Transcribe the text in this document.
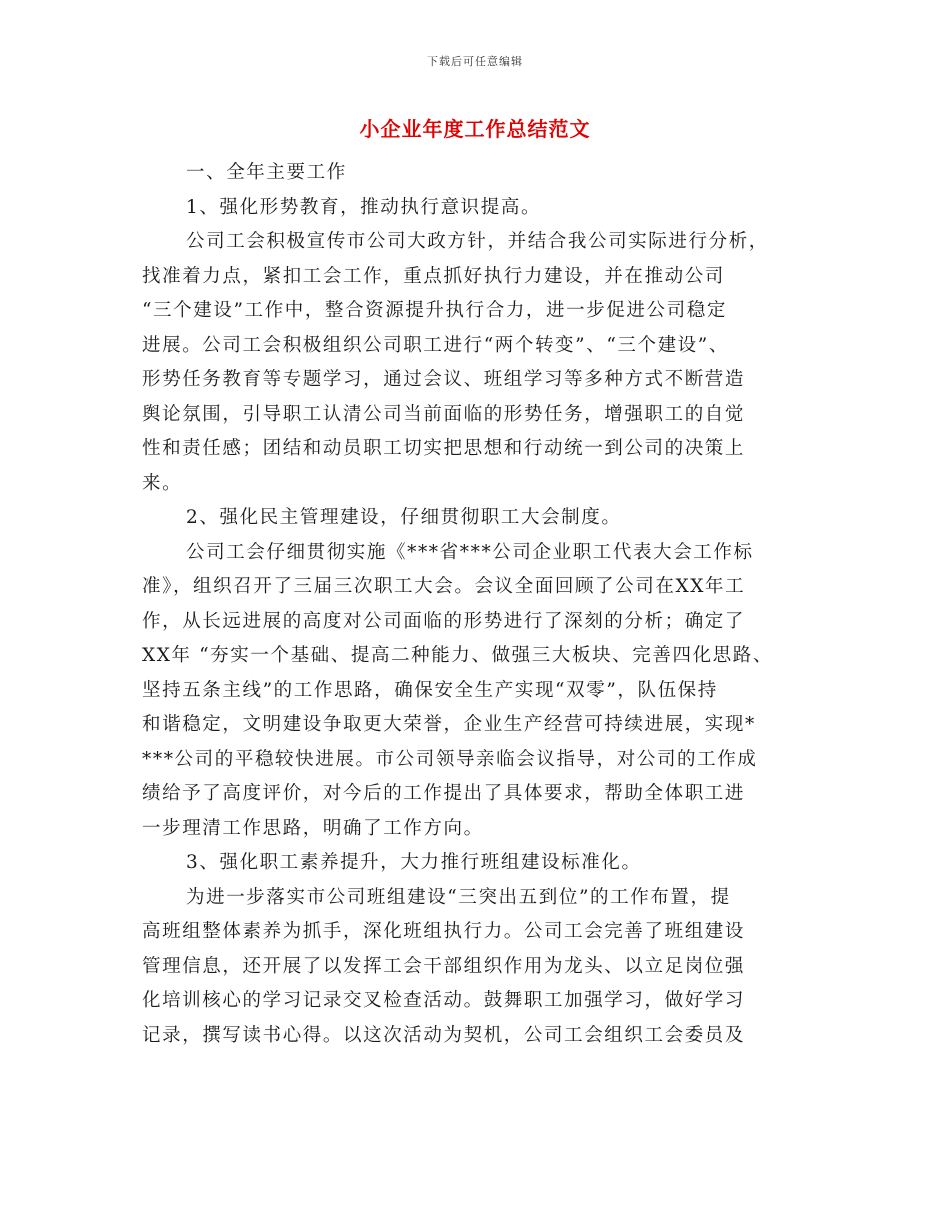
下载后可任意编辑
小企业年度工作总结范文
一、全年主要工作
1、强化形势教育，推动执行意识提高。
公司工会积极宣传市公司大政方针，并结合我公司实际进行分析，
找准着力点，紧扣工会工作，重点抓好执行力建设，并在推动公司
“三个建设”工作中，整合资源提升执行合力，进一步促进公司稳定
进展。公司工会积极组织公司职工进行“两个转变”、“三个建设”、
形势任务教育等专题学习，通过会议、班组学习等多种方式不断营造
舆论氛围，引导职工认清公司当前面临的形势任务，增强职工的自觉
性和责任感；团结和动员职工切实把思想和行动统一到公司的决策上
来。
2、强化民主管理建设，仔细贯彻职工大会制度。
公司工会仔细贯彻实施《***省***公司企业职工代表大会工作标
准》，组织召开了三届三次职工大会。会议全面回顾了公司在XX年工
作，从长远进展的高度对公司面临的形势进行了深刻的分析；确定了
XX年 “夯实一个基础、提高二种能力、做强三大板块、完善四化思路、
坚持五条主线”的工作思路，确保安全生产实现“双零”，队伍保持
和谐稳定，文明建设争取更大荣誉，企业生产经营可持续进展，实现*
***公司的平稳较快进展。市公司领导亲临会议指导，对公司的工作成
绩给予了高度评价，对今后的工作提出了具体要求，帮助全体职工进
一步理清工作思路，明确了工作方向。
3、强化职工素养提升，大力推行班组建设标准化。
为进一步落实市公司班组建设“三突出五到位”的工作布置，提
高班组整体素养为抓手，深化班组执行力。公司工会完善了班组建设
管理信息，还开展了以发挥工会干部组织作用为龙头、以立足岗位强
化培训核心的学习记录交叉检查活动。鼓舞职工加强学习，做好学习
记录，撰写读书心得。以这次活动为契机，公司工会组织工会委员及
